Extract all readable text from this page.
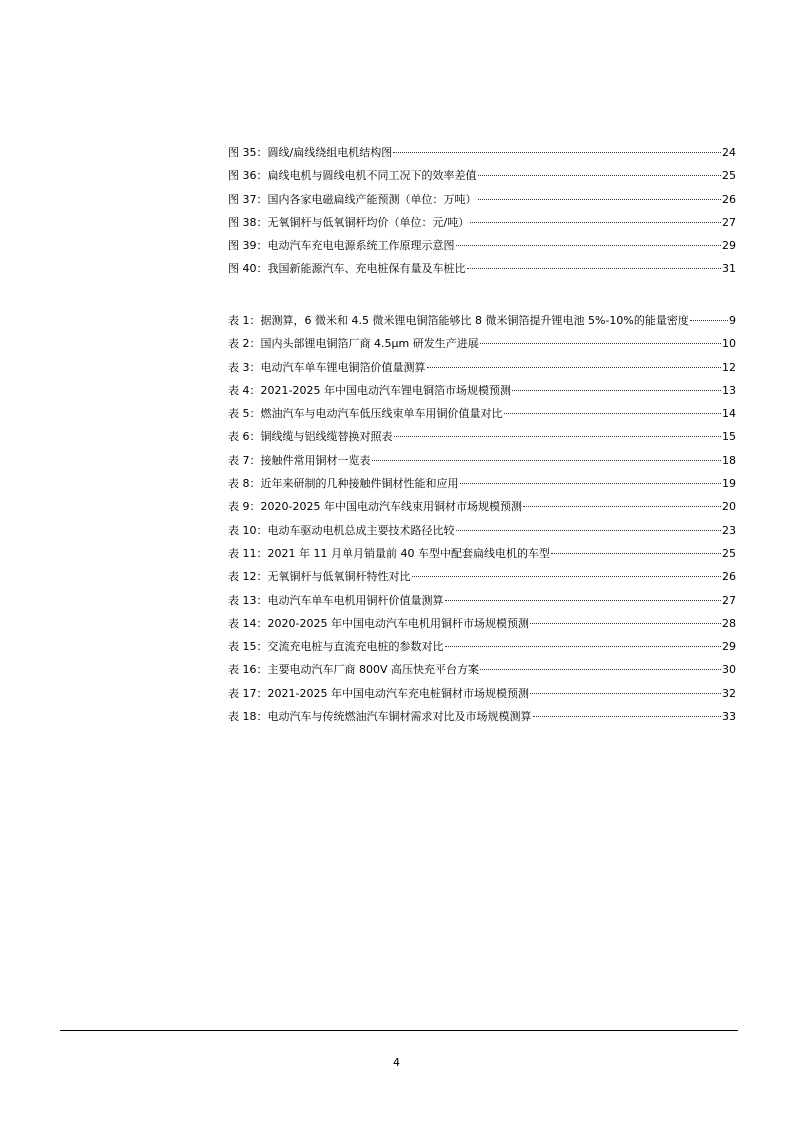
图 35：圆线/扁线绕组电机结构图	24
图 36：扁线电机与圆线电机不同工况下的效率差值	25
图 37：国内各家电磁扁线产能预测（单位：万吨）	26
图 38：无氧铜杆与低氧铜杆均价（单位：元/吨）	27
图 39：电动汽车充电电源系统工作原理示意图	29
图 40：我国新能源汽车、充电桩保有量及车桩比	31
表 1：据测算，6 微米和 4.5 微米锂电铜箔能够比 8 微米铜箔提升锂电池 5%-10%的能量密度	9
表 2：国内头部锂电铜箔厂商 4.5μm 研发生产进展	10
表 3：电动汽车单车锂电铜箔价值量测算	12
表 4：2021-2025 年中国电动汽车锂电铜箔市场规模预测	13
表 5：燃油汽车与电动汽车低压线束单车用铜价值量对比	14
表 6：铜线缆与铝线缆替换对照表	15
表 7：接触件常用铜材一览表	18
表 8：近年来研制的几种接触件铜材性能和应用	19
表 9：2020-2025 年中国电动汽车线束用铜材市场规模预测	20
表 10：电动车驱动电机总成主要技术路径比较	23
表 11：2021 年 11 月单月销量前 40 车型中配套扁线电机的车型	25
表 12：无氧铜杆与低氧铜杆特性对比	26
表 13：电动汽车单车电机用铜杆价值量测算	27
表 14：2020-2025 年中国电动汽车电机用铜杆市场规模预测	28
表 15：交流充电桩与直流充电桩的参数对比	29
表 16：主要电动汽车厂商 800V 高压快充平台方案	30
表 17：2021-2025 年中国电动汽车充电桩铜材市场规模预测	32
表 18：电动汽车与传统燃油汽车铜材需求对比及市场规模测算	33
4
